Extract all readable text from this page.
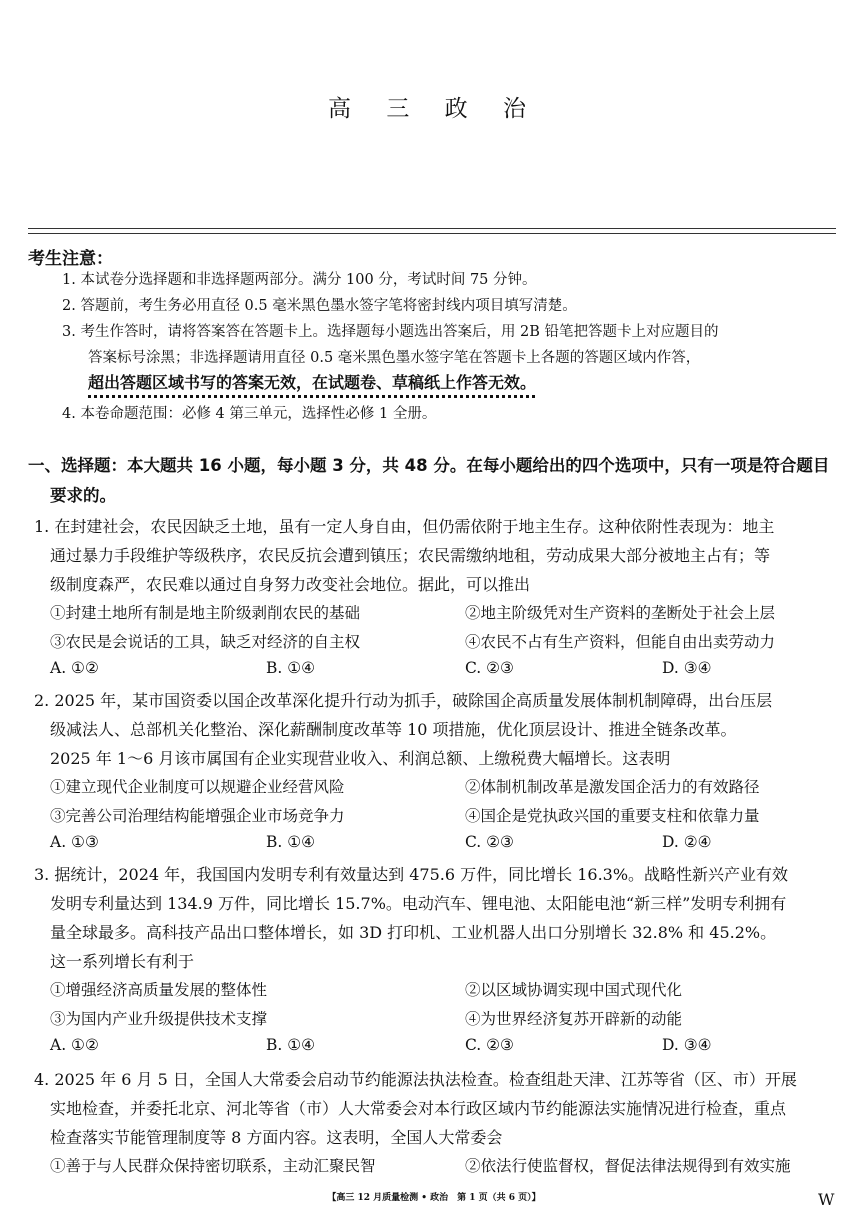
高 三 政 治
考生注意：
1. 本试卷分选择题和非选择题两部分。满分 100 分，考试时间 75 分钟。
2. 答题前，考生务必用直径 0.5 毫米黑色墨水签字笔将密封线内项目填写清楚。
3. 考生作答时，请将答案答在答题卡上。选择题每小题选出答案后，用 2B 铅笔把答题卡上对应题目的
答案标号涂黑；非选择题请用直径 0.5 毫米黑色墨水签字笔在答题卡上各题的答题区域内作答，
超出答题区域书写的答案无效，在试题卷、草稿纸上作答无效。
4. 本卷命题范围：必修 4 第三单元，选择性必修 1 全册。
一、选择题：本大题共 16 小题，每小题 3 分，共 48 分。在每小题给出的四个选项中，只有一项是符合题目
要求的。
1. 在封建社会，农民因缺乏土地，虽有一定人身自由，但仍需依附于地主生存。这种依附性表现为：地主
通过暴力手段维护等级秩序，农民反抗会遭到镇压；农民需缴纳地租，劳动成果大部分被地主占有；等
级制度森严，农民难以通过自身努力改变社会地位。据此，可以推出
①封建土地所有制是地主阶级剥削农民的基础	②地主阶级凭对生产资料的垄断处于社会上层
③农民是会说话的工具，缺乏对经济的自主权	④农民不占有生产资料，但能自由出卖劳动力
A. ①②	B. ①④	C. ②③	D. ③④
2. 2025 年，某市国资委以国企改革深化提升行动为抓手，破除国企高质量发展体制机制障碍，出台压层
级减法人、总部机关化整治、深化薪酬制度改革等 10 项措施，优化顶层设计、推进全链条改革。
2025 年 1～6 月该市属国有企业实现营业收入、利润总额、上缴税费大幅增长。这表明
①建立现代企业制度可以规避企业经营风险	②体制机制改革是激发国企活力的有效路径
③完善公司治理结构能增强企业市场竞争力	④国企是党执政兴国的重要支柱和依靠力量
A. ①③	B. ①④	C. ②③	D. ②④
3. 据统计，2024 年，我国国内发明专利有效量达到 475.6 万件，同比增长 16.3%。战略性新兴产业有效
发明专利量达到 134.9 万件，同比增长 15.7%。电动汽车、锂电池、太阳能电池“新三样”发明专利拥有
量全球最多。高科技产品出口整体增长，如 3D 打印机、工业机器人出口分别增长 32.8% 和 45.2%。
这一系列增长有利于
①增强经济高质量发展的整体性	②以区域协调实现中国式现代化
③为国内产业升级提供技术支撑	④为世界经济复苏开辟新的动能
A. ①②	B. ①④	C. ②③	D. ③④
4. 2025 年 6 月 5 日，全国人大常委会启动节约能源法执法检查。检查组赴天津、江苏等省（区、市）开展
实地检查，并委托北京、河北等省（市）人大常委会对本行政区域内节约能源法实施情况进行检查，重点
检查落实节能管理制度等 8 方面内容。这表明，全国人大常委会
①善于与人民群众保持密切联系，主动汇聚民智	②依法行使监督权，督促法律法规得到有效实施
【高三 12 月质量检测 • 政治　第 1 页（共 6 页）】	W
